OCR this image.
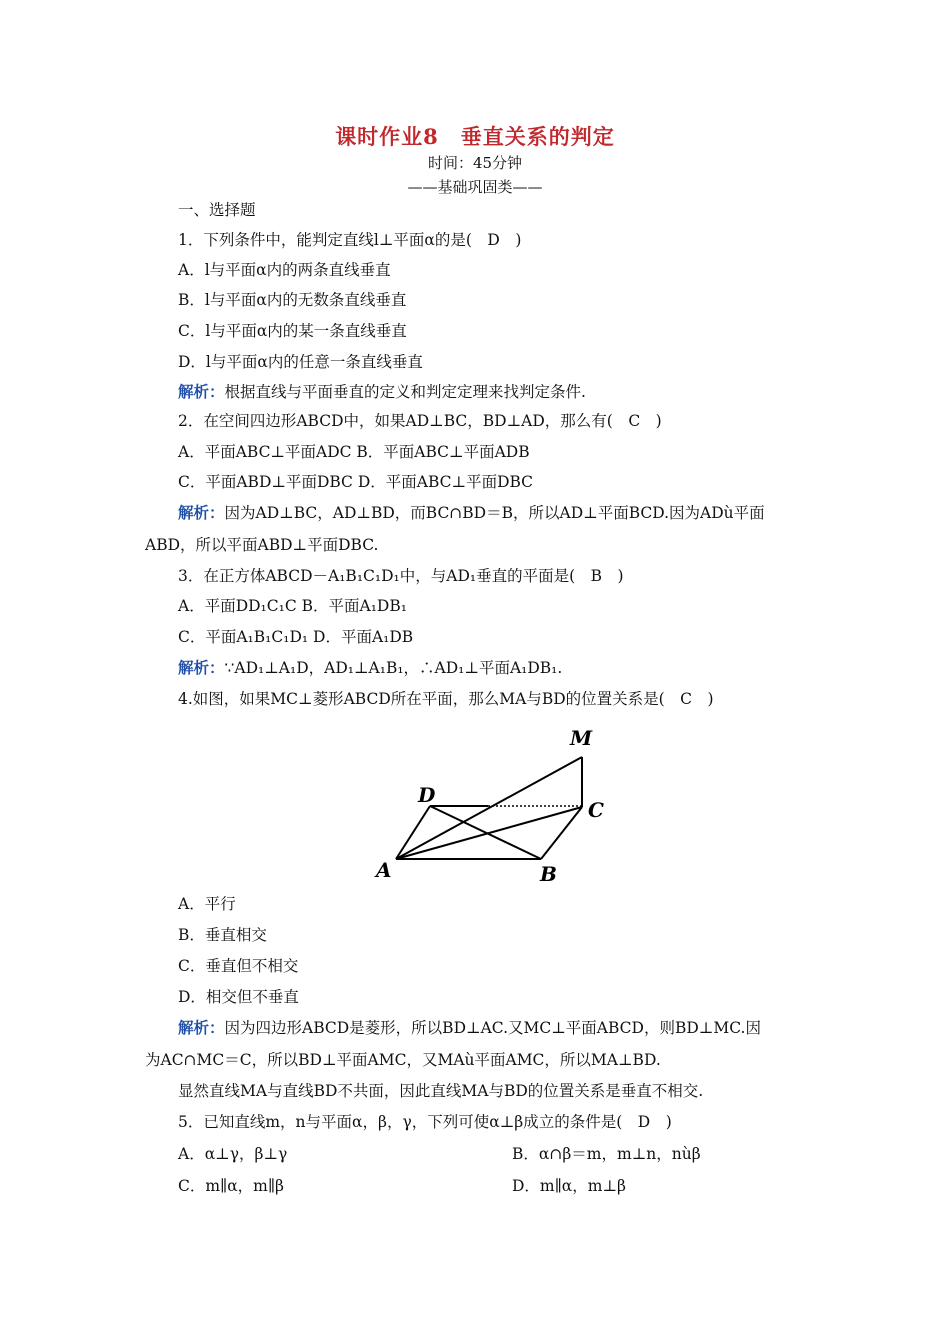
课时作业8　垂直关系的判定
时间：45分钟
——基础巩固类——
一、选择题
1．下列条件中，能判定直线l⊥平面α的是(　D　)
A．l与平面α内的两条直线垂直
B．l与平面α内的无数条直线垂直
C．l与平面α内的某一条直线垂直
D．l与平面α内的任意一条直线垂直
解析：根据直线与平面垂直的定义和判定定理来找判定条件.
2．在空间四边形ABCD中，如果AD⊥BC，BD⊥AD，那么有(　C　)
A．平面ABC⊥平面ADC B．平面ABC⊥平面ADB
C．平面ABD⊥平面DBC D．平面ABC⊥平面DBC
解析：因为AD⊥BC，AD⊥BD，而BC∩BD＝B，所以AD⊥平面BCD.因为ADù平面
ABD，所以平面ABD⊥平面DBC.
3．在正方体ABCD－A₁B₁C₁D₁中，与AD₁垂直的平面是(　B　)
A．平面DD₁C₁C B．平面A₁DB₁
C．平面A₁B₁C₁D₁ D．平面A₁DB
解析：∵AD₁⊥A₁D，AD₁⊥A₁B₁，∴AD₁⊥平面A₁DB₁.
4.如图，如果MC⊥菱形ABCD所在平面，那么MA与BD的位置关系是(　C　)
M
D
C
A	B
A．平行
B．垂直相交
C．垂直但不相交
D．相交但不垂直
解析：因为四边形ABCD是菱形，所以BD⊥AC.又MC⊥平面ABCD，则BD⊥MC.因
为AC∩MC＝C，所以BD⊥平面AMC，又MAù平面AMC，所以MA⊥BD.
显然直线MA与直线BD不共面，因此直线MA与BD的位置关系是垂直不相交.
5．已知直线m，n与平面α，β，γ，下列可使α⊥β成立的条件是(　D　)
A．α⊥γ，β⊥γ	B．α∩β＝m，m⊥n，nùβ
C．m∥α，m∥β	D．m∥α，m⊥β
